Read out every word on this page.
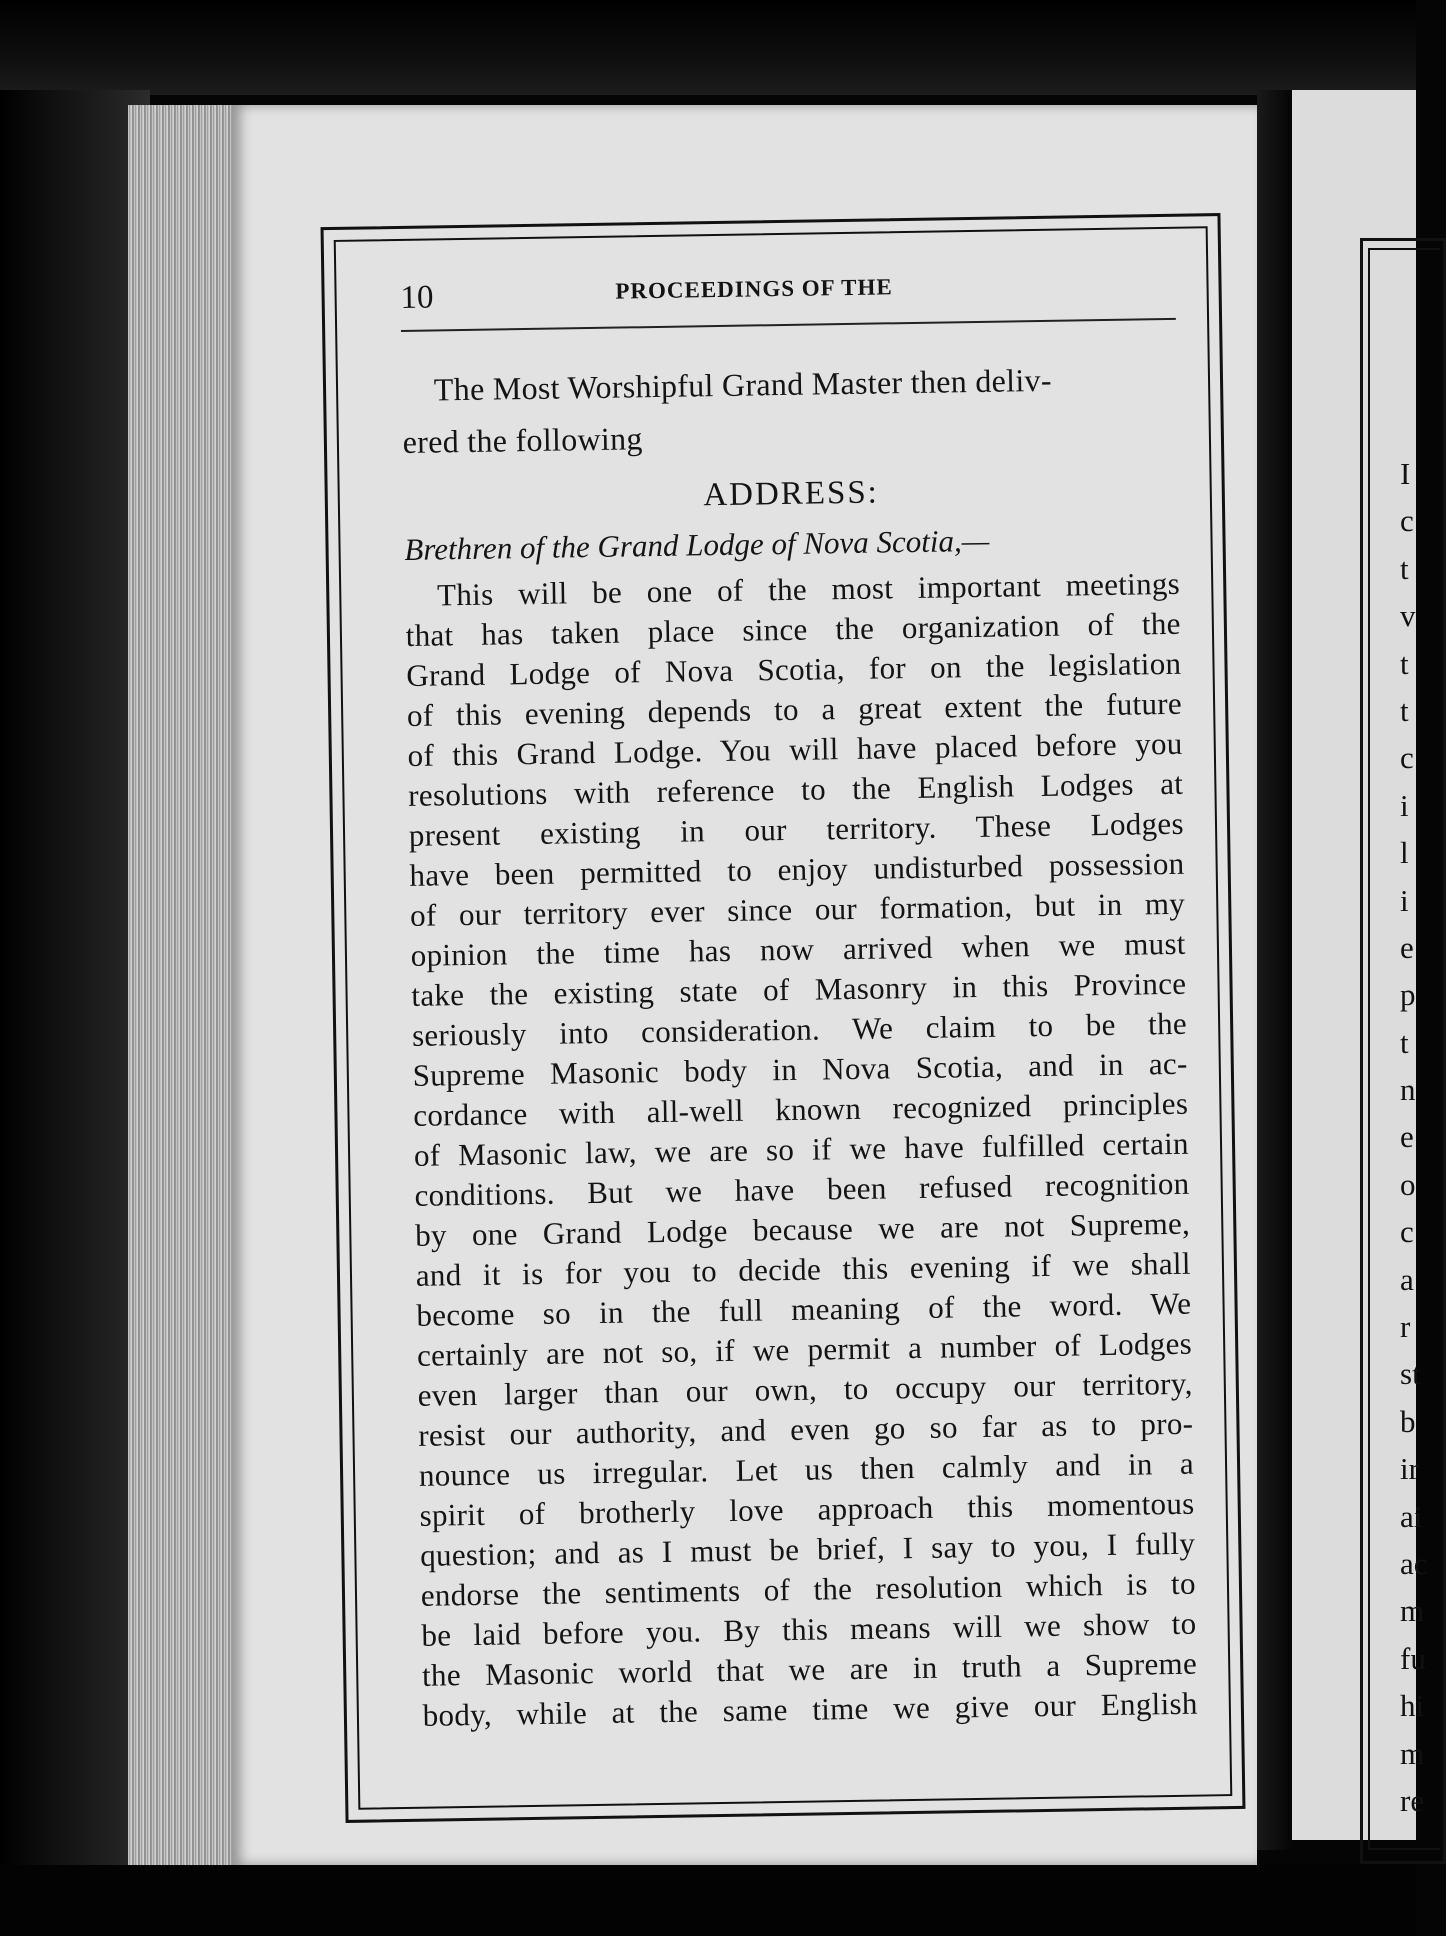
I
c
t
v
t
t
c
i
l
i
e
p
t
n
e
o
c
a
r
st
b
ir
ai
ac
m
fu
hi
m
re
10	PROCEEDINGS OF THE
The Most Worshipful Grand Master then deliv-
ered the following
ADDRESS:
Brethren of the Grand Lodge of Nova Scotia,—
This will be one of the most important meetings
that has taken place since the organization of the
Grand Lodge of Nova Scotia, for on the legislation
of this evening depends to a great extent the future
of this Grand Lodge. You will have placed before you
resolutions with reference to the English Lodges at
present existing in our territory. These Lodges
have been permitted to enjoy undisturbed possession
of our territory ever since our formation, but in my
opinion the time has now arrived when we must
take the existing state of Masonry in this Province
seriously into consideration. We claim to be the
Supreme Masonic body in Nova Scotia, and in ac-
cordance with all-well known recognized principles
of Masonic law, we are so if we have fulfilled certain
conditions. But we have been refused recognition
by one Grand Lodge because we are not Supreme,
and it is for you to decide this evening if we shall
become so in the full meaning of the word. We
certainly are not so, if we permit a number of Lodges
even larger than our own, to occupy our territory,
resist our authority, and even go so far as to pro-
nounce us irregular. Let us then calmly and in a
spirit of brotherly love approach this momentous
question; and as I must be brief, I say to you, I fully
endorse the sentiments of the resolution which is to
be laid before you. By this means will we show to
the Masonic world that we are in truth a Supreme
body, while at the same time we give our English
